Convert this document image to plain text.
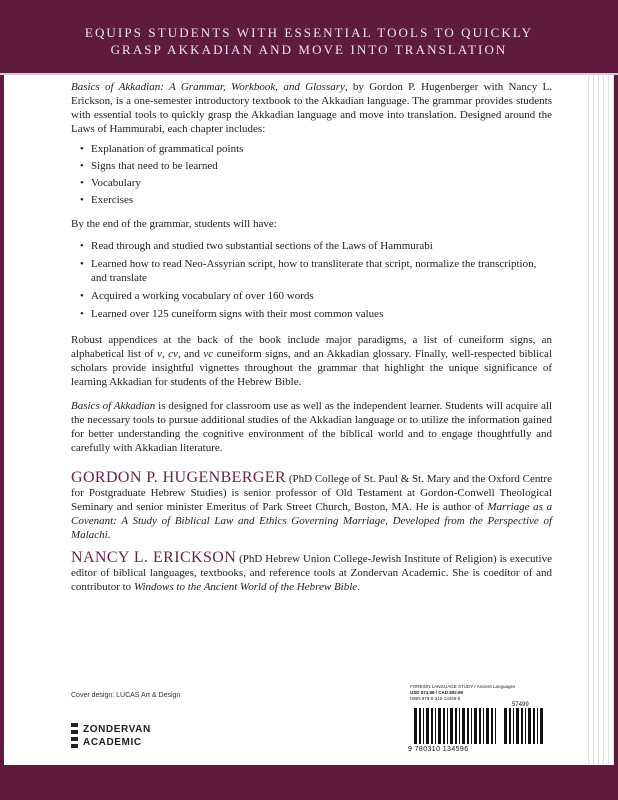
EQUIPS STUDENTS WITH ESSENTIAL TOOLS TO QUICKLY
GRASP AKKADIAN AND MOVE INTO TRANSLATION

Basics of Akkadian: A Grammar, Workbook, and Glossary, by Gordon P. Hugenberger with Nancy L. Erickson, is a one-semester introductory textbook to the Akkadian language. The grammar provides students with essential tools to quickly grasp the Akkadian language and move into translation. Designed around the Laws of Hammurabi, each chapter includes:

• Explanation of grammatical points
• Signs that need to be learned
• Vocabulary
• Exercises

By the end of the grammar, students will have:

• Read through and studied two substantial sections of the Laws of Hammurabi
• Learned how to read Neo-Assyrian script, how to transliterate that script, normalize the transcription, and translate
• Acquired a working vocabulary of over 160 words
• Learned over 125 cuneiform signs with their most common values

Robust appendices at the back of the book include major paradigms, a list of cuneiform signs, an alphabetical list of v, cv, and vc cuneiform signs, and an Akkadian glossary. Finally, well-respected biblical scholars provide insightful vignettes throughout the grammar that highlight the unique significance of learning Akkadian for students of the Hebrew Bible.

Basics of Akkadian is designed for classroom use as well as the independent learner. Students will acquire all the necessary tools to pursue additional studies of the Akkadian language or to utilize the information gained for better understanding the cognitive environment of the biblical world and to engage thoughtfully and carefully with Akkadian literature.

GORDON P. HUGENBERGER (PhD College of St. Paul & St. Mary and the Oxford Centre for Postgraduate Hebrew Studies) is senior professor of Old Testament at Gordon-Conwell Theological Seminary and senior minister Emeritus of Park Street Church, Boston, MA. He is author of Marriage as a Covenant: A Study of Biblical Law and Ethics Governing Marriage, Developed from the Perspective of Malachi.

NANCY L. ERICKSON (PhD Hebrew Union College-Jewish Institute of Religion) is executive editor of biblical languages, textbooks, and reference tools at Zondervan Academic. She is coeditor of and contributor to Windows to the Ancient World of the Hebrew Bible.

Cover design: LUCAS Art & Design
ZONDERVAN
ACADEMIC
FOREIGN LANGUAGE STUDY / Ancient Languages
USD $74.99 / CAD $92.99
ISBN 978-0-310-13459-6
57499
9 780310 134596
